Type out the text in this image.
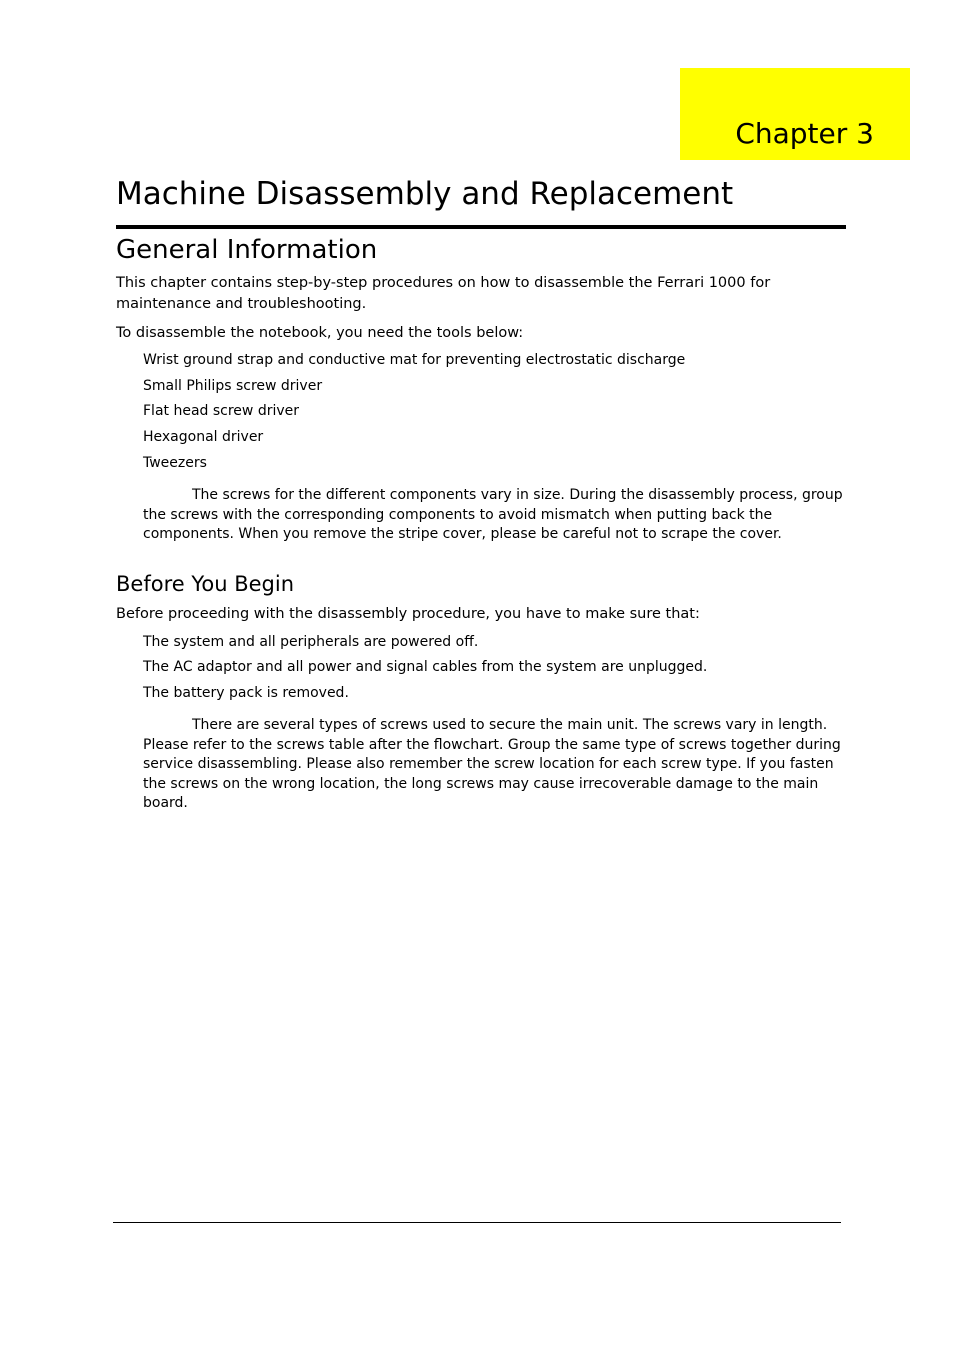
Chapter 3
Machine Disassembly and Replacement
General Information

This chapter contains step-by-step procedures on how to disassemble the Ferrari 1000 for maintenance and troubleshooting.

To disassemble the notebook, you need the tools below:

Wrist ground strap and conductive mat for preventing electrostatic discharge
Small Philips screw driver
Flat head screw driver
Hexagonal driver
Tweezers

The screws for the different components vary in size. During the disassembly process, group the screws with the corresponding components to avoid mismatch when putting back the components. When you remove the stripe cover, please be careful not to scrape the cover.

Before You Begin

Before proceeding with the disassembly procedure, you have to make sure that:

The system and all peripherals are powered off.
The AC adaptor and all power and signal cables from the system are unplugged.
The battery pack is removed.

There are several types of screws used to secure the main unit. The screws vary in length. Please refer to the screws table after the flowchart. Group the same type of screws together during service disassembling. Please also remember the screw location for each screw type. If you fasten the screws on the wrong location, the long screws may cause irrecoverable damage to the main board.
